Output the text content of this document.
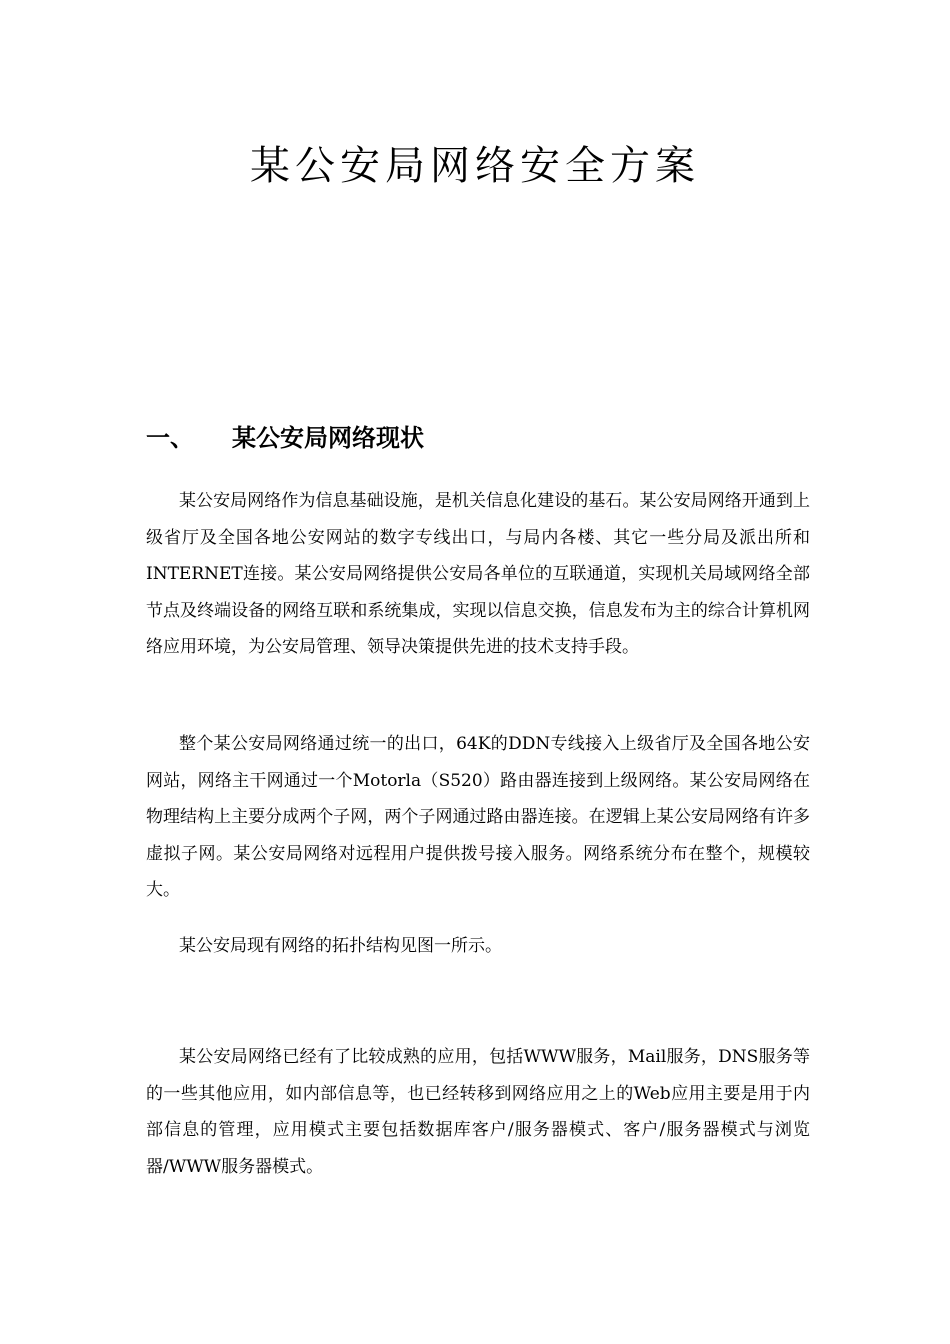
某公安局网络安全方案
一、	某公安局网络现状

某公安局网络作为信息基础设施，是机关信息化建设的基石。某公安局网络开通到上级省厅及全国各地公安网站的数字专线出口，与局内各楼、其它一些分局及派出所和INTERNET连接。某公安局网络提供公安局各单位的互联通道，实现机关局域网络全部节点及终端设备的网络互联和系统集成，实现以信息交换，信息发布为主的综合计算机网络应用环境，为公安局管理、领导决策提供先进的技术支持手段。

整个某公安局网络通过统一的出口，64K的DDN专线接入上级省厅及全国各地公安网站，网络主干网通过一个Motorla（S520）路由器连接到上级网络。某公安局网络在物理结构上主要分成两个子网，两个子网通过路由器连接。在逻辑上某公安局网络有许多虚拟子网。某公安局网络对远程用户提供拨号接入服务。网络系统分布在整个，规模较大。

某公安局现有网络的拓扑结构见图一所示。

某公安局网络已经有了比较成熟的应用，包括WWW服务，Mail服务，DNS服务等的一些其他应用，如内部信息等，也已经转移到网络应用之上的Web应用主要是用于内部信息的管理，应用模式主要包括数据库客户/服务器模式、客户/服务器模式与浏览器/WWW服务器模式。
